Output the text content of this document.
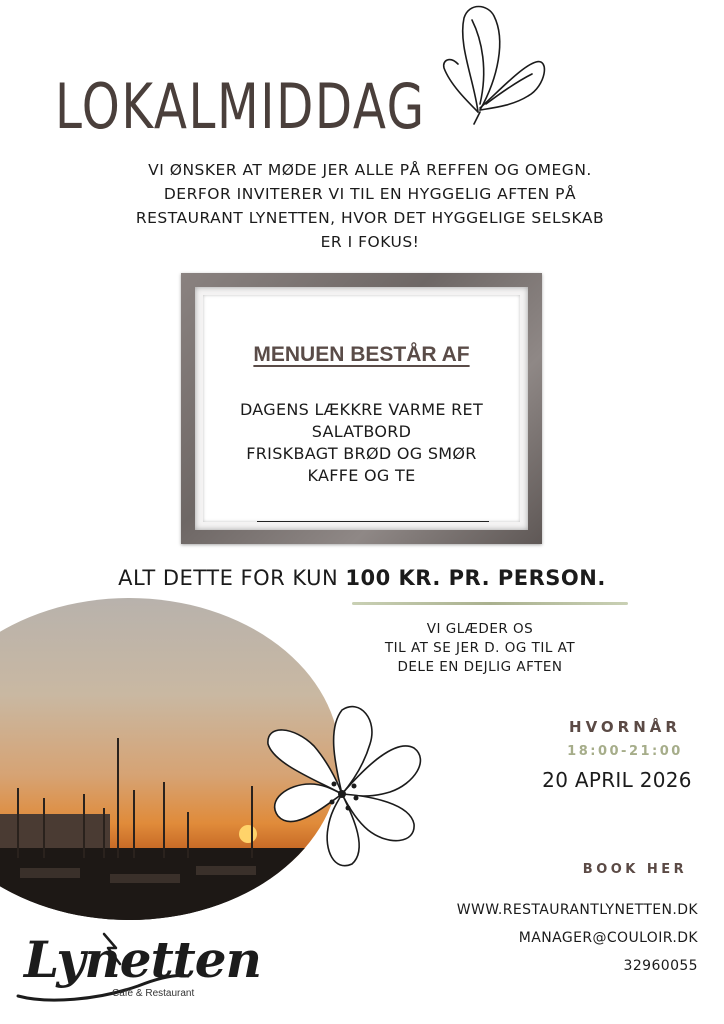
LOKALMIDDAG
VI ØNSKER AT MØDE JER ALLE PÅ REFFEN OG OMEGN.
DERFOR INVITERER VI TIL EN HYGGELIG AFTEN PÅ
RESTAURANT LYNETTEN, HVOR DET HYGGELIGE SELSKAB
ER I FOKUS!
MENUEN BESTÅR AF
DAGENS LÆKKRE VARME RET
SALATBORD
FRISKBAGT BRØD OG SMØR
KAFFE OG TE
ALT DETTE FOR KUN 100 KR. PR. PERSON.
VI GLÆDER OS
TIL AT SE JER D. OG TIL AT
DELE EN DEJLIG AFTEN
HVORNÅR
18:00-21:00
20 APRIL 2026
BOOK HER
WWW.RESTAURANTLYNETTEN.DK
MANAGER@COULOIR.DK
32960055
Lynetten
Café & Restaurant
